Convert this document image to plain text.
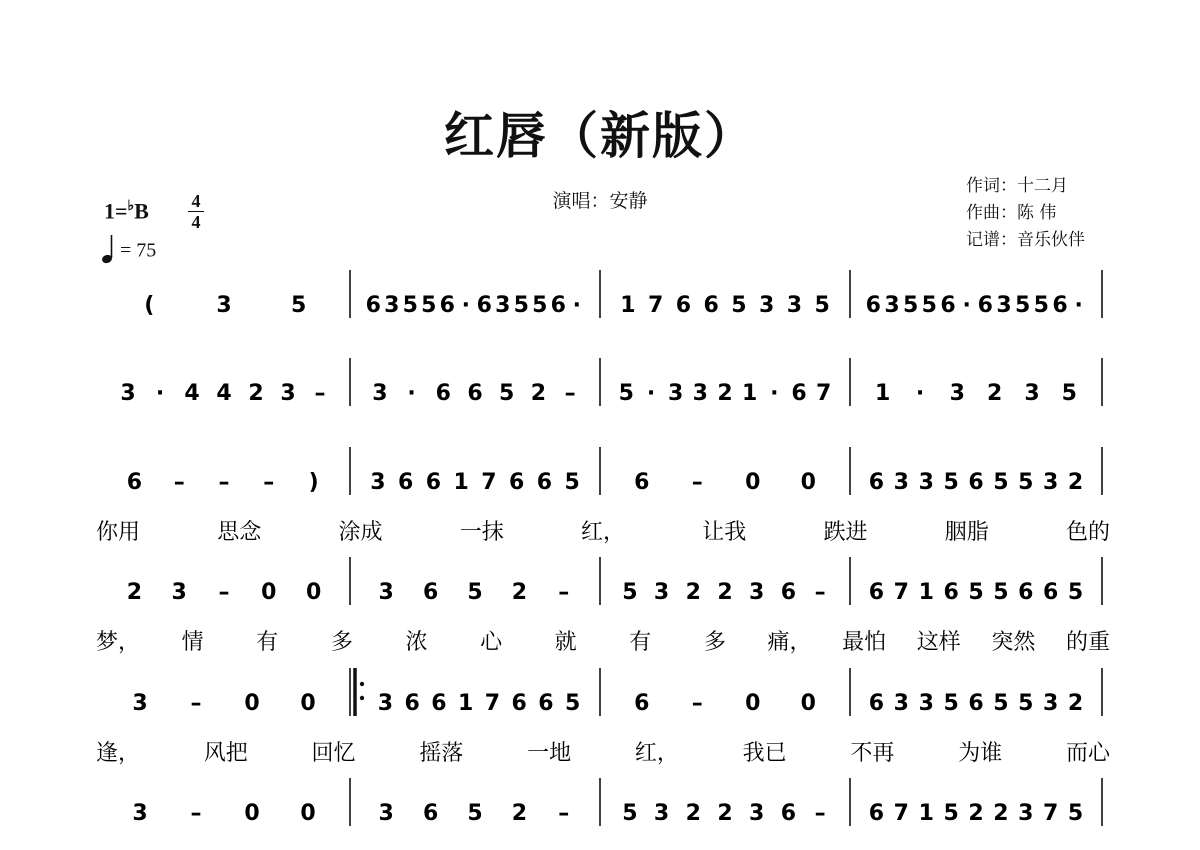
红唇（新版）
演唱：安静
作词：十二月
作曲：陈 伟
记谱：音乐伙伴
1=♭B	4
4
= 75
(	3	5	6 3 5 5 6 · 6 3 5 5 6 · 1 7 6 6 5 3 3 5 6 3 5 5 6 · 6 3 5 5 6 ·
3 · 4 4 2 3 – 3 · 6 6 5 2 – 5 · 3 3 2 1 · 6 7 1 · 3 2 3 5
6 – – – ) 3 6 6 1 7 6 6 5 6 – 0 0 6 3 3 5 6 5 5 3 2
你用	思念	涂成	一抹	红，	让我	跌进	胭脂	色的
2 3 – 0 0	3 6 5 2 – 5 3 2 2 3 6 – 6 7 1 6 5 5 6 6 5
梦， 情 有 多 浓 心 就 有 多 痛， 最怕 这样 突然 的重
3 – 0 0	3 6 6 1 7 6 6 5 6 – 0 0 6 3 3 5 6 5 5 3 2
逢，	风把	回忆	摇落	一地	红，	我已	不再	为谁	而心
3 – 0 0	3 6 5 2 – 5 3 2 2 3 6 – 6 7 1 5 2 2 3 7 5
